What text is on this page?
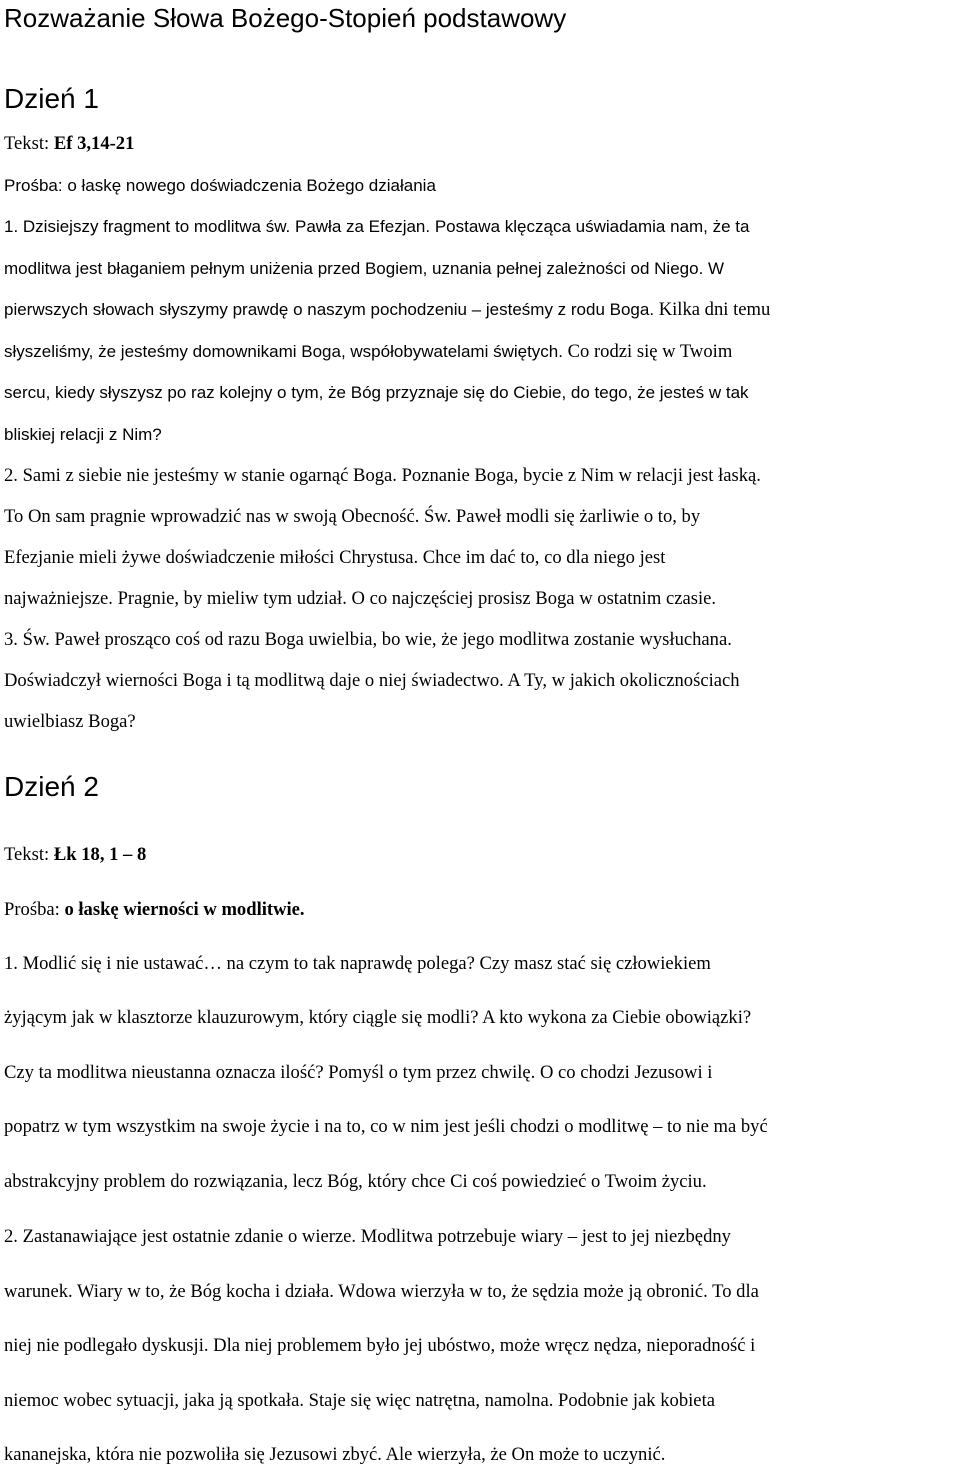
Rozważanie Słowa Bożego-Stopień podstawowy
Dzień 1
Tekst: Ef 3,14-21
Prośba: o łaskę nowego doświadczenia Bożego działania
1. Dzisiejszy fragment to modlitwa św. Pawła za Efezjan. Postawa klęcząca uświadamia nam, że ta
modlitwa jest błaganiem pełnym uniżenia przed Bogiem, uznania pełnej zależności od Niego. W
pierwszych słowach słyszymy prawdę o naszym pochodzeniu – jesteśmy z rodu Boga. Kilka dni temu
słyszeliśmy, że jesteśmy domownikami Boga, współobywatelami świętych. Co rodzi się w Twoim
sercu, kiedy słyszysz po raz kolejny o tym, że Bóg przyznaje się do Ciebie, do tego, że jesteś w tak
bliskiej relacji z Nim?
2. Sami z siebie nie jesteśmy w stanie ogarnąć Boga. Poznanie Boga, bycie z Nim w relacji jest łaską.
To On sam pragnie wprowadzić nas w swoją Obecność. Św. Paweł modli się żarliwie o to, by
Efezjanie mieli żywe doświadczenie miłości Chrystusa. Chce im dać to, co dla niego jest
najważniejsze. Pragnie, by mieliw tym udział. O co najczęściej prosisz Boga w ostatnim czasie.
3. Św. Paweł prosząco coś od razu Boga uwielbia, bo wie, że jego modlitwa zostanie wysłuchana.
Doświadczył wierności Boga i tą modlitwą daje o niej świadectwo. A Ty, w jakich okolicznościach
uwielbiasz Boga?
Dzień 2
Tekst: Łk 18, 1 – 8
Prośba: o łaskę wierności w modlitwie.
1. Modlić się i nie ustawać… na czym to tak naprawdę polega? Czy masz stać się człowiekiem
żyjącym jak w klasztorze klauzurowym, który ciągle się modli? A kto wykona za Ciebie obowiązki?
Czy ta modlitwa nieustanna oznacza ilość? Pomyśl o tym przez chwilę. O co chodzi Jezusowi i
popatrz w tym wszystkim na swoje życie i na to, co w nim jest jeśli chodzi o modlitwę – to nie ma być
abstrakcyjny problem do rozwiązania, lecz Bóg, który chce Ci coś powiedzieć o Twoim życiu.
2. Zastanawiające jest ostatnie zdanie o wierze. Modlitwa potrzebuje wiary – jest to jej niezbędny
warunek. Wiary w to, że Bóg kocha i działa. Wdowa wierzyła w to, że sędzia może ją obronić. To dla
niej nie podlegało dyskusji. Dla niej problemem było jej ubóstwo, może wręcz nędza, nieporadność i
niemoc wobec sytuacji, jaka ją spotkała. Staje się więc natrętna, namolna. Podobnie jak kobieta
kananejska, która nie pozwoliła się Jezusowi zbyć. Ale wierzyła, że On może to uczynić.
